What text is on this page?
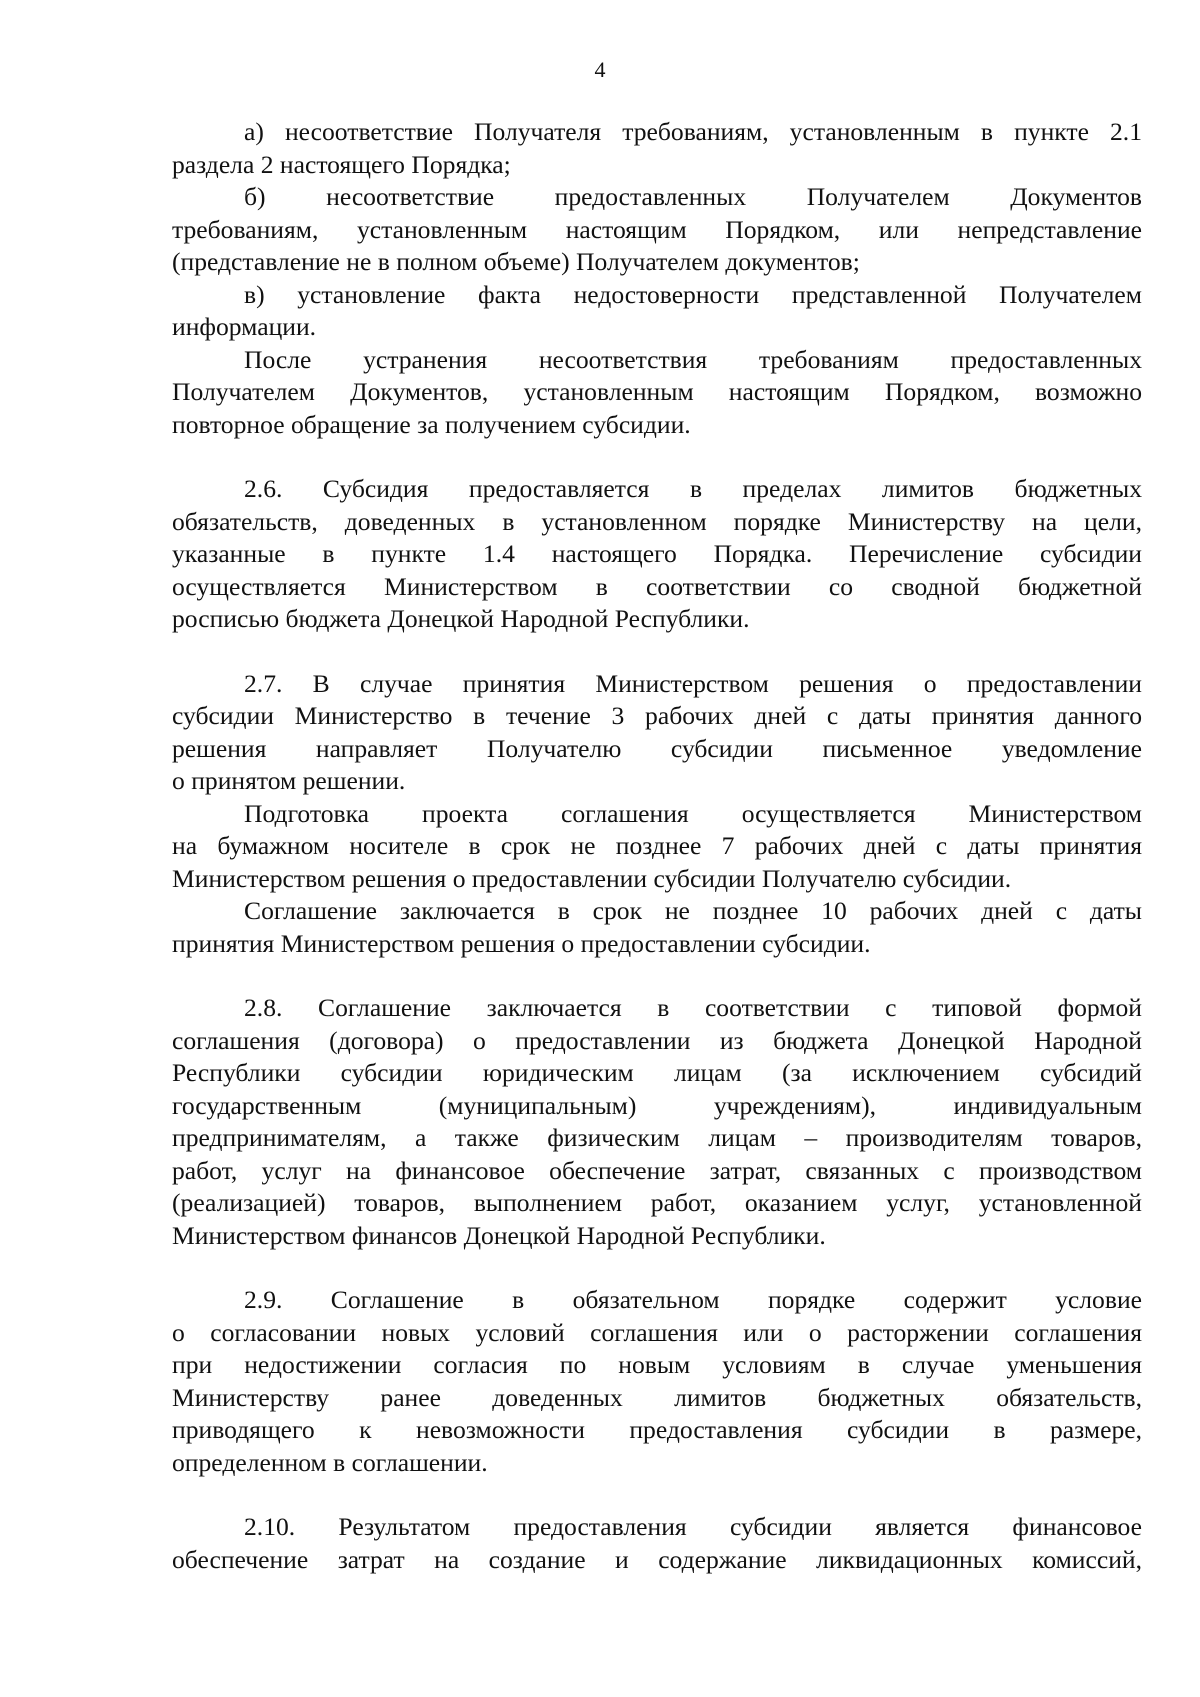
4

а) несоответствие Получателя требованиям, установленным в пункте 2.1
раздела 2 настоящего Порядка;

б) несоответствие предоставленных Получателем Документов
требованиям, установленным настоящим Порядком, или непредставление
(представление не в полном объеме) Получателем документов;

в) установление факта недостоверности представленной Получателем
информации.

После устранения несоответствия требованиям предоставленных
Получателем Документов, установленным настоящим Порядком, возможно
повторное обращение за получением субсидии.

2.6. Субсидия предоставляется в пределах лимитов бюджетных
обязательств, доведенных в установленном порядке Министерству на цели,
указанные в пункте 1.4 настоящего Порядка. Перечисление субсидии
осуществляется Министерством в соответствии со сводной бюджетной
росписью бюджета Донецкой Народной Республики.

2.7. В случае принятия Министерством решения о предоставлении
субсидии Министерство в течение 3 рабочих дней с даты принятия данного
решения направляет Получателю субсидии письменное уведомление
о принятом решении.

Подготовка проекта соглашения осуществляется Министерством
на бумажном носителе в срок не позднее 7 рабочих дней с даты принятия
Министерством решения о предоставлении субсидии Получателю субсидии.

Соглашение заключается в срок не позднее 10 рабочих дней с даты
принятия Министерством решения о предоставлении субсидии.

2.8. Соглашение заключается в соответствии с типовой формой
соглашения (договора) о предоставлении из бюджета Донецкой Народной
Республики субсидии юридическим лицам (за исключением субсидий
государственным (муниципальным) учреждениям), индивидуальным
предпринимателям, а также физическим лицам – производителям товаров,
работ, услуг на финансовое обеспечение затрат, связанных с производством
(реализацией) товаров, выполнением работ, оказанием услуг, установленной
Министерством финансов Донецкой Народной Республики.

2.9. Соглашение в обязательном порядке содержит условие
о согласовании новых условий соглашения или о расторжении соглашения
при недостижении согласия по новым условиям в случае уменьшения
Министерству ранее доведенных лимитов бюджетных обязательств,
приводящего к невозможности предоставления субсидии в размере,
определенном в соглашении.

2.10. Результатом предоставления субсидии является финансовое
обеспечение затрат на создание и содержание ликвидационных комиссий,
